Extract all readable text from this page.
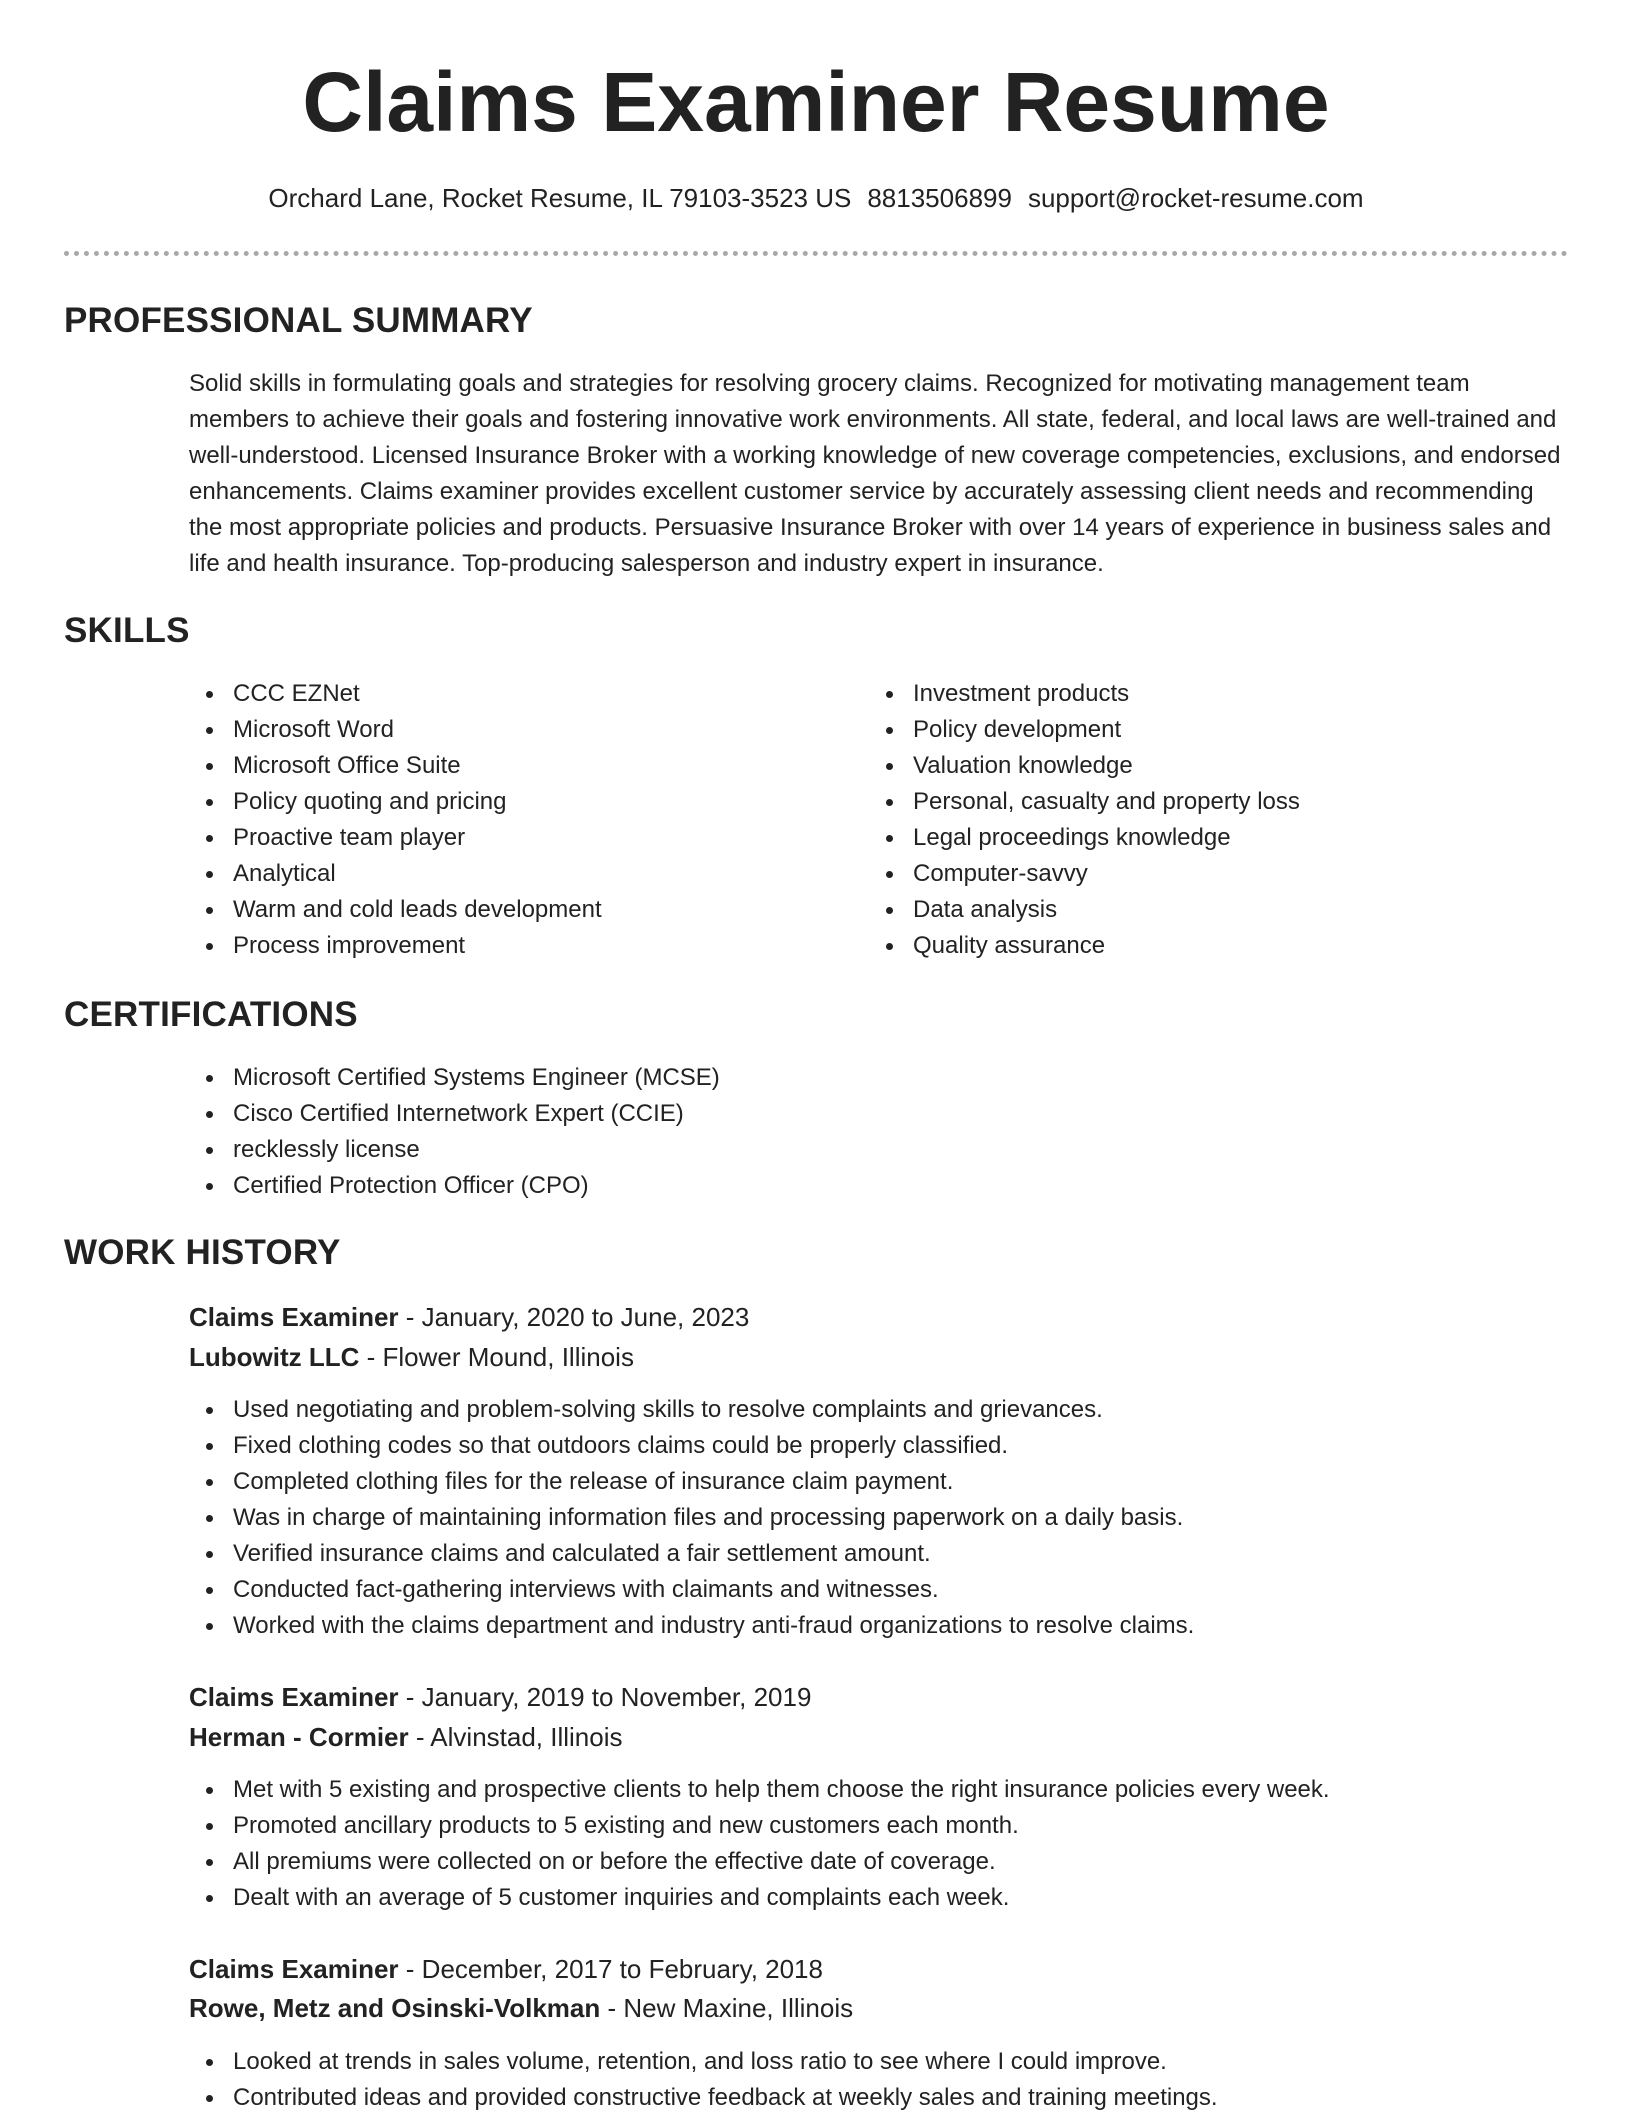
Claims Examiner Resume
Orchard Lane, Rocket Resume, IL 79103-3523 US 8813506899 support@rocket-resume.com
PROFESSIONAL SUMMARY

Solid skills in formulating goals and strategies for resolving grocery claims. Recognized for motivating management team members to achieve their goals and fostering innovative work environments. All state, federal, and local laws are well-trained and well-understood. Licensed Insurance Broker with a working knowledge of new coverage competencies, exclusions, and endorsed enhancements. Claims examiner provides excellent customer service by accurately assessing client needs and recommending the most appropriate policies and products. Persuasive Insurance Broker with over 14 years of experience in business sales and life and health insurance. Top-producing salesperson and industry expert in insurance.

SKILLS
CCC EZNet
Microsoft Word
Microsoft Office Suite
Policy quoting and pricing
Proactive team player
Analytical
Warm and cold leads development
Process improvement
Investment products
Policy development
Valuation knowledge
Personal, casualty and property loss
Legal proceedings knowledge
Computer-savvy
Data analysis
Quality assurance
CERTIFICATIONS
Microsoft Certified Systems Engineer (MCSE)
Cisco Certified Internetwork Expert (CCIE)
recklessly license
Certified Protection Officer (CPO)
WORK HISTORY
Claims Examiner - January, 2020 to June, 2023
Lubowitz LLC - Flower Mound, Illinois
Used negotiating and problem-solving skills to resolve complaints and grievances.
Fixed clothing codes so that outdoors claims could be properly classified.
Completed clothing files for the release of insurance claim payment.
Was in charge of maintaining information files and processing paperwork on a daily basis.
Verified insurance claims and calculated a fair settlement amount.
Conducted fact-gathering interviews with claimants and witnesses.
Worked with the claims department and industry anti-fraud organizations to resolve claims.
Claims Examiner - January, 2019 to November, 2019
Herman - Cormier - Alvinstad, Illinois
Met with 5 existing and prospective clients to help them choose the right insurance policies every week.
Promoted ancillary products to 5 existing and new customers each month.
All premiums were collected on or before the effective date of coverage.
Dealt with an average of 5 customer inquiries and complaints each week.
Claims Examiner - December, 2017 to February, 2018
Rowe, Metz and Osinski-Volkman - New Maxine, Illinois
Looked at trends in sales volume, retention, and loss ratio to see where I could improve.
Contributed ideas and provided constructive feedback at weekly sales and training meetings.
